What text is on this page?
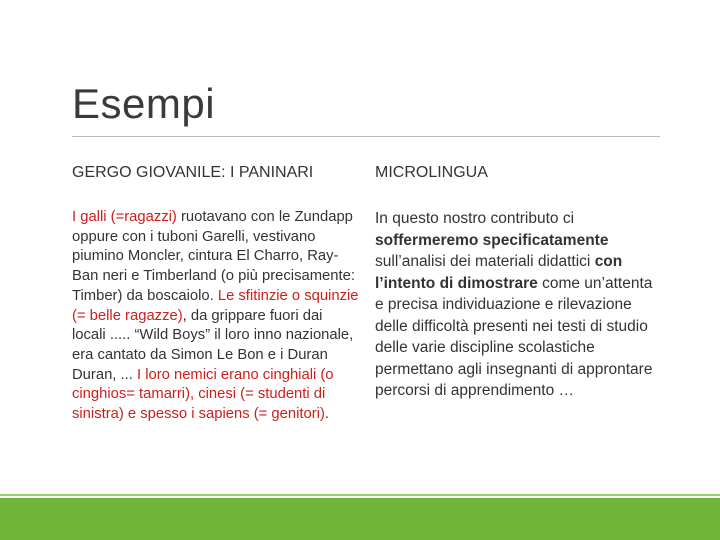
Esempi
GERGO GIOVANILE: I PANINARI
I galli (=ragazzi) ruotavano con le Zundapp oppure con i tuboni Garelli, vestivano piumino Moncler, cintura El Charro, Ray-Ban neri e Timberland (o più precisamente: Timber) da boscaiolo. Le sfitinzie o squinzie (= belle ragazze), da grippare fuori dai locali ..... “Wild Boys” il loro inno nazionale, era cantato da Simon Le Bon e i Duran Duran, ... I loro nemici erano cinghiali (o cinghios= tamarri), cinesi (= studenti di sinistra) e spesso i sapiens (= genitori).
MICROLINGUA
In questo nostro contributo ci soffermeremo specificatamente sull’analisi dei materiali didattici con l’intento di dimostrare come un’attenta e precisa individuazione e rilevazione delle difficoltà presenti nei testi di studio delle varie discipline scolastiche permettano agli insegnanti di approntare percorsi di apprendimento …
